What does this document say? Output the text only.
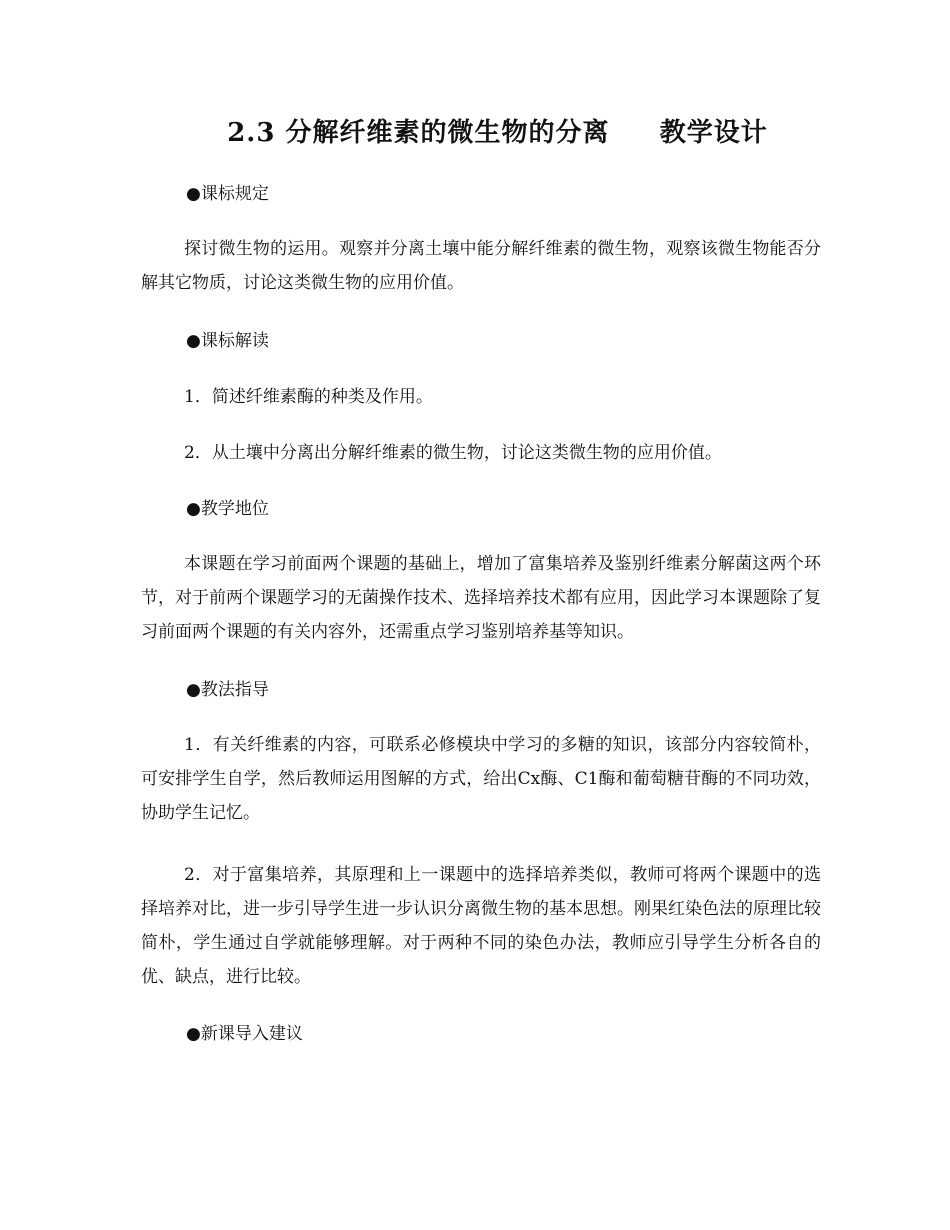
2.3 分解纤维素的微生物的分离     教学设计
●课标规定
探讨微生物的运用。观察并分离土壤中能分解纤维素的微生物，观察该微生物能否分解其它物质，讨论这类微生物的应用价值。
●课标解读
1．简述纤维素酶的种类及作用。
2．从土壤中分离出分解纤维素的微生物，讨论这类微生物的应用价值。
●教学地位
本课题在学习前面两个课题的基础上，增加了富集培养及鉴别纤维素分解菌这两个环节，对于前两个课题学习的无菌操作技术、选择培养技术都有应用，因此学习本课题除了复习前面两个课题的有关内容外，还需重点学习鉴别培养基等知识。
●教法指导
1．有关纤维素的内容，可联系必修模块中学习的多糖的知识，该部分内容较简朴，可安排学生自学，然后教师运用图解的方式，给出Cx酶、C1酶和葡萄糖苷酶的不同功效，协助学生记忆。
2．对于富集培养，其原理和上一课题中的选择培养类似，教师可将两个课题中的选择培养对比，进一步引导学生进一步认识分离微生物的基本思想。刚果红染色法的原理比较简朴，学生通过自学就能够理解。对于两种不同的染色办法，教师应引导学生分析各自的优、缺点，进行比较。
●新课导入建议
